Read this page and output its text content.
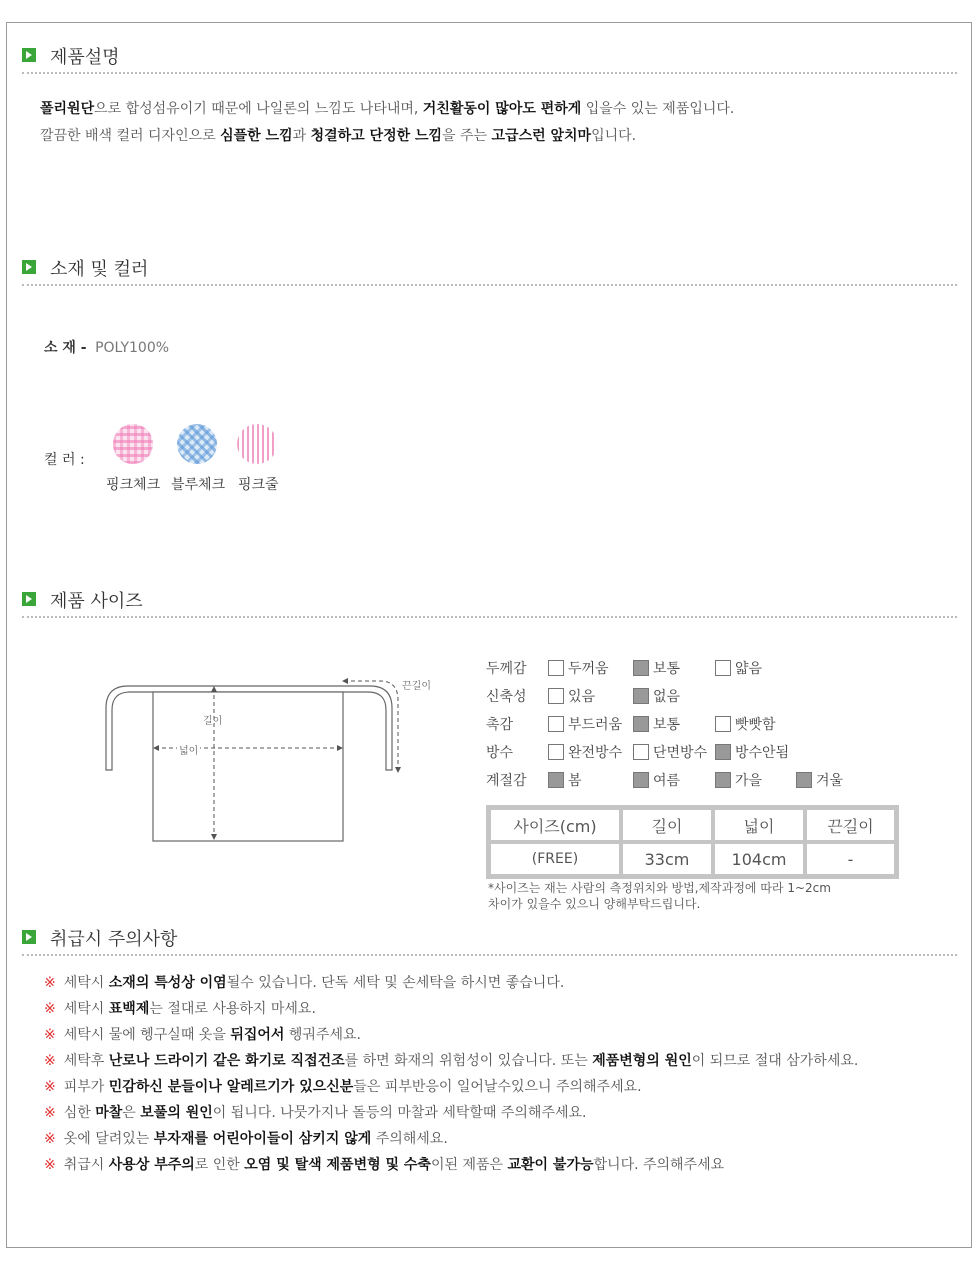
제품설명
폴리원단으로 합성섬유이기 때문에 나일론의 느낌도 나타내며, 거친활동이 많아도 편하게 입을수 있는 제품입니다.
깔끔한 배색 컬러 디자인으로 심플한 느낌과 청결하고 단정한 느낌을 주는 고급스런 앞치마입니다.
소재 및 컬러
소 재 - POLY100%
컬 러 :
핑크체크 블루체크 핑크줄
제품 사이즈
길이
넓이
끈길이
두께감	두꺼움	보통	얇음
신축성	있음	없음
촉감	부드러움	보통	빳빳함
방수	완전방수	단면방수	방수안됨
계절감	봄	여름	가을	겨울
사이즈(cm)	길이	넓이	끈길이
(FREE)	33cm	104cm	-
*사이즈는 재는 사람의 측정위치와 방법,제작과정에 따라 1~2cm
차이가 있을수 있으니 양해부탁드립니다.
취급시 주의사항
※ 세탁시 소재의 특성상 이염될수 있습니다. 단독 세탁 및 손세탁을 하시면 좋습니다.
※ 세탁시 표백제는 절대로 사용하지 마세요.
※ 세탁시 물에 헹구실때 옷을 뒤집어서 헹궈주세요.
※ 세탁후 난로나 드라이기 같은 화기로 직접건조를 하면 화재의 위험성이 있습니다. 또는 제품변형의 원인이 되므로 절대 삼가하세요.
※ 피부가 민감하신 분들이나 알레르기가 있으신분들은 피부반응이 일어날수있으니 주의해주세요.
※ 심한 마찰은 보풀의 원인이 됩니다. 나뭇가지나 돌등의 마찰과 세탁할때 주의해주세요.
※ 옷에 달려있는 부자재를 어린아이들이 삼키지 않게 주의해세요.
※ 취급시 사용상 부주의로 인한 오염 및 탈색 제품변형 및 수축이된 제품은 교환이 불가능합니다. 주의해주세요
